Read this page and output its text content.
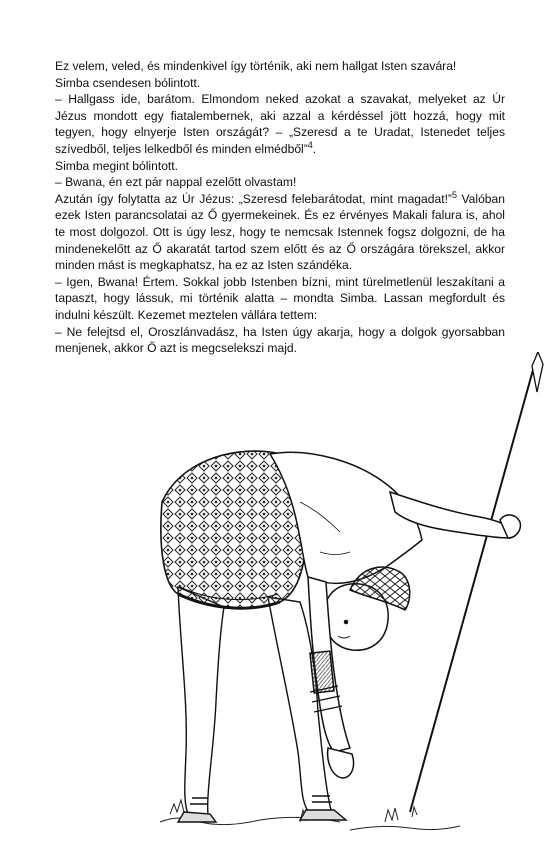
Ez velem, veled, és mindenkivel így történik, aki nem hallgat Isten szavára!

Simba csendesen bólintott.

– Hallgass ide, barátom. Elmondom neked azokat a szavakat, melyeket az Úr Jézus mondott egy fiatalembernek, aki azzal a kérdéssel jött hozzá, hogy mit tegyen, hogy elnyerje Isten országát? – „Szeresd a te Uradat, Istenedet teljes szívedből, teljes lelkedből és minden elmédből”$^4$.

Simba megint bólintott.

– Bwana, én ezt pár nappal ezelőtt olvastam!

Azután így folytatta az Úr Jézus: „Szeresd felebarátodat, mint magadat!”$^5$ Valóban ezek Isten parancsolatai az Ő gyermekeinek. És ez érvényes Makali falura is, ahol te most dolgozol. Ott is úgy lesz, hogy te nemcsak Istennek fogsz dolgozni, de ha mindenekelőtt az Ő akaratát tartod szem előtt és az Ő országára törekszel, akkor minden mást is megkaphatsz, ha ez az Isten szándéka.

– Igen, Bwana! Értem. Sokkal jobb Istenben bízni, mint türelmetlenül leszakítani a tapaszt, hogy lássuk, mi történik alatta – mondta Simba. Lassan megfordult és indulni készült. Kezemet meztelen vállára tettem:

– Ne felejtsd el, Oroszlánvadász, ha Isten úgy akarja, hogy a dolgok gyorsabban menjenek, akkor Ő azt is megcselekszi majd.
